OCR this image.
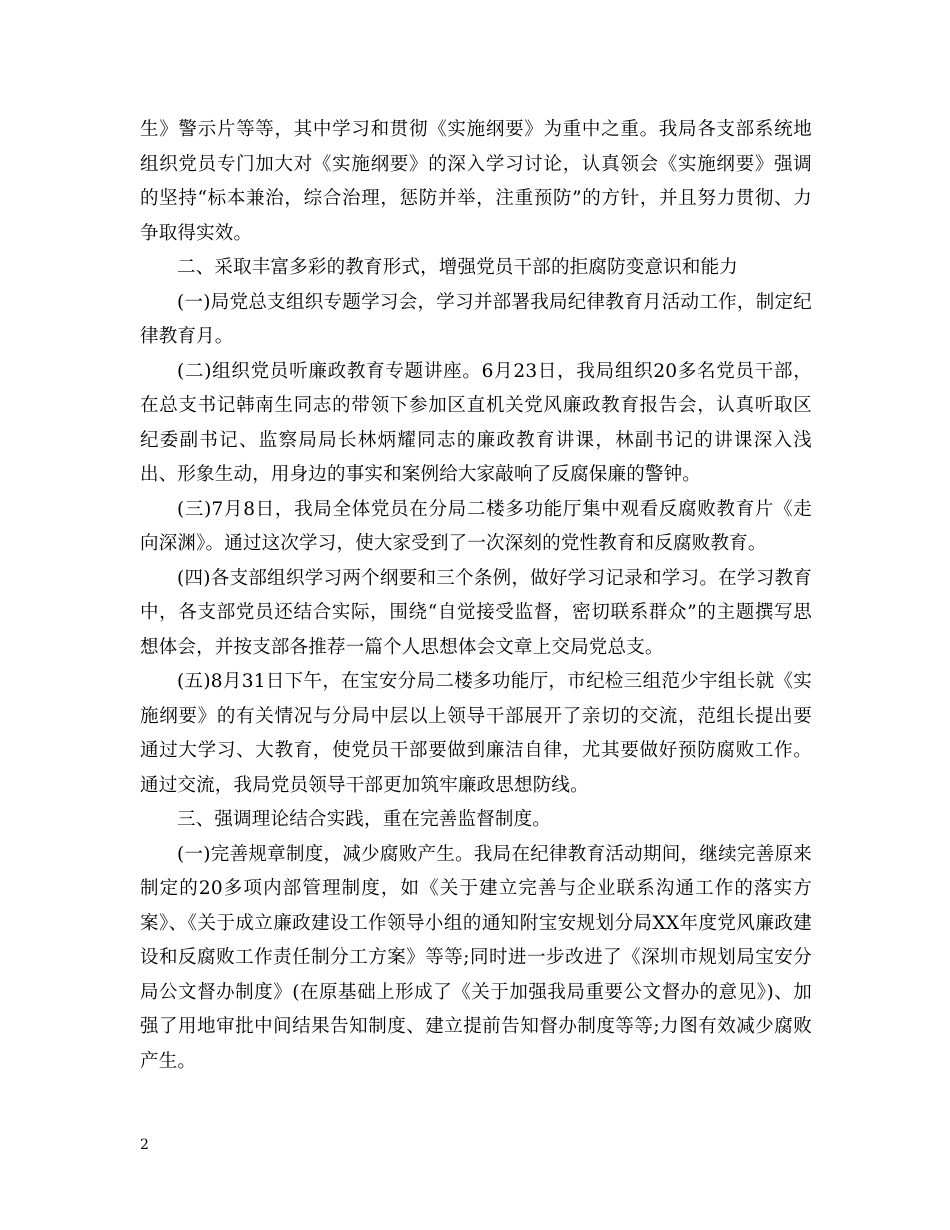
生》警示片等等，其中学习和贯彻《实施纲要》为重中之重。我局各支部系统地组织党员专门加大对《实施纲要》的深入学习讨论，认真领会《实施纲要》强调的坚持“标本兼治，综合治理，惩防并举，注重预防”的方针，并且努力贯彻、力争取得实效。

二、采取丰富多彩的教育形式，增强党员干部的拒腐防变意识和能力

(一)局党总支组织专题学习会，学习并部署我局纪律教育月活动工作，制定纪律教育月。

(二)组织党员听廉政教育专题讲座。6月23日，我局组织20多名党员干部，在总支书记韩南生同志的带领下参加区直机关党风廉政教育报告会，认真听取区纪委副书记、监察局局长林炳耀同志的廉政教育讲课，林副书记的讲课深入浅出、形象生动，用身边的事实和案例给大家敲响了反腐保廉的警钟。

(三)7月8日，我局全体党员在分局二楼多功能厅集中观看反腐败教育片《走向深渊》。通过这次学习，使大家受到了一次深刻的党性教育和反腐败教育。

(四)各支部组织学习两个纲要和三个条例，做好学习记录和学习。在学习教育中，各支部党员还结合实际，围绕“自觉接受监督，密切联系群众”的主题撰写思想体会，并按支部各推荐一篇个人思想体会文章上交局党总支。

(五)8月31日下午，在宝安分局二楼多功能厅，市纪检三组范少宇组长就《实施纲要》的有关情况与分局中层以上领导干部展开了亲切的交流，范组长提出要通过大学习、大教育，使党员干部要做到廉洁自律，尤其要做好预防腐败工作。通过交流，我局党员领导干部更加筑牢廉政思想防线。

三、强调理论结合实践，重在完善监督制度。

(一)完善规章制度，减少腐败产生。我局在纪律教育活动期间，继续完善原来制定的20多项内部管理制度，如《关于建立完善与企业联系沟通工作的落实方案》、《关于成立廉政建设工作领导小组的通知附宝安规划分局XX年度党风廉政建设和反腐败工作责任制分工方案》等等;同时进一步改进了《深圳市规划局宝安分局公文督办制度》(在原基础上形成了《关于加强我局重要公文督办的意见》)、加强了用地审批中间结果告知制度、建立提前告知督办制度等等;力图有效减少腐败产生。

2
